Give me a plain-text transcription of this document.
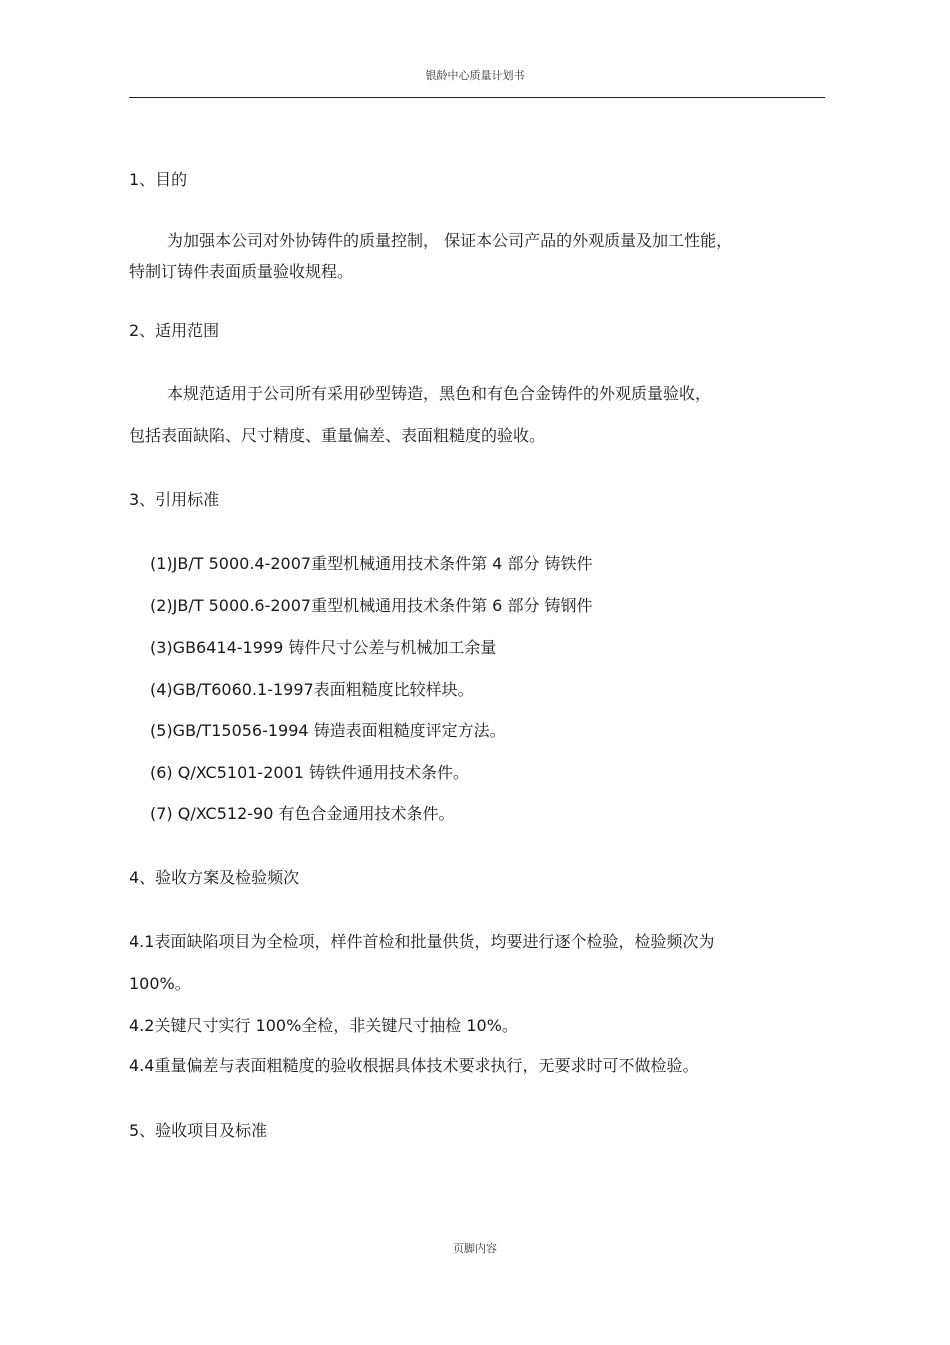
银龄中心质量计划书
1、目的
为加强本公司对外协铸件的质量控制， 保证本公司产品的外观质量及加工性能，
特制订铸件表面质量验收规程。
2、适用范围
本规范适用于公司所有采用砂型铸造，黑色和有色合金铸件的外观质量验收，
包括表面缺陷、尺寸精度、重量偏差、表面粗糙度的验收。
3、引用标准
(1)JB/T 5000.4-2007重型机械通用技术条件第 4 部分 铸铁件
(2)JB/T 5000.6-2007重型机械通用技术条件第 6 部分 铸钢件
(3)GB6414-1999 铸件尺寸公差与机械加工余量
(4)GB/T6060.1-1997表面粗糙度比较样块。
(5)GB/T15056-1994 铸造表面粗糙度评定方法。
(6) Q/XC5101-2001 铸铁件通用技术条件。
(7) Q/XC512-90 有色合金通用技术条件。
4、验收方案及检验频次
4.1表面缺陷项目为全检项，样件首检和批量供货，均要进行逐个检验，检验频次为
100%。
4.2关键尺寸实行 100%全检，非关键尺寸抽检 10%。
4.4重量偏差与表面粗糙度的验收根据具体技术要求执行，无要求时可不做检验。
5、验收项目及标准
页脚内容
